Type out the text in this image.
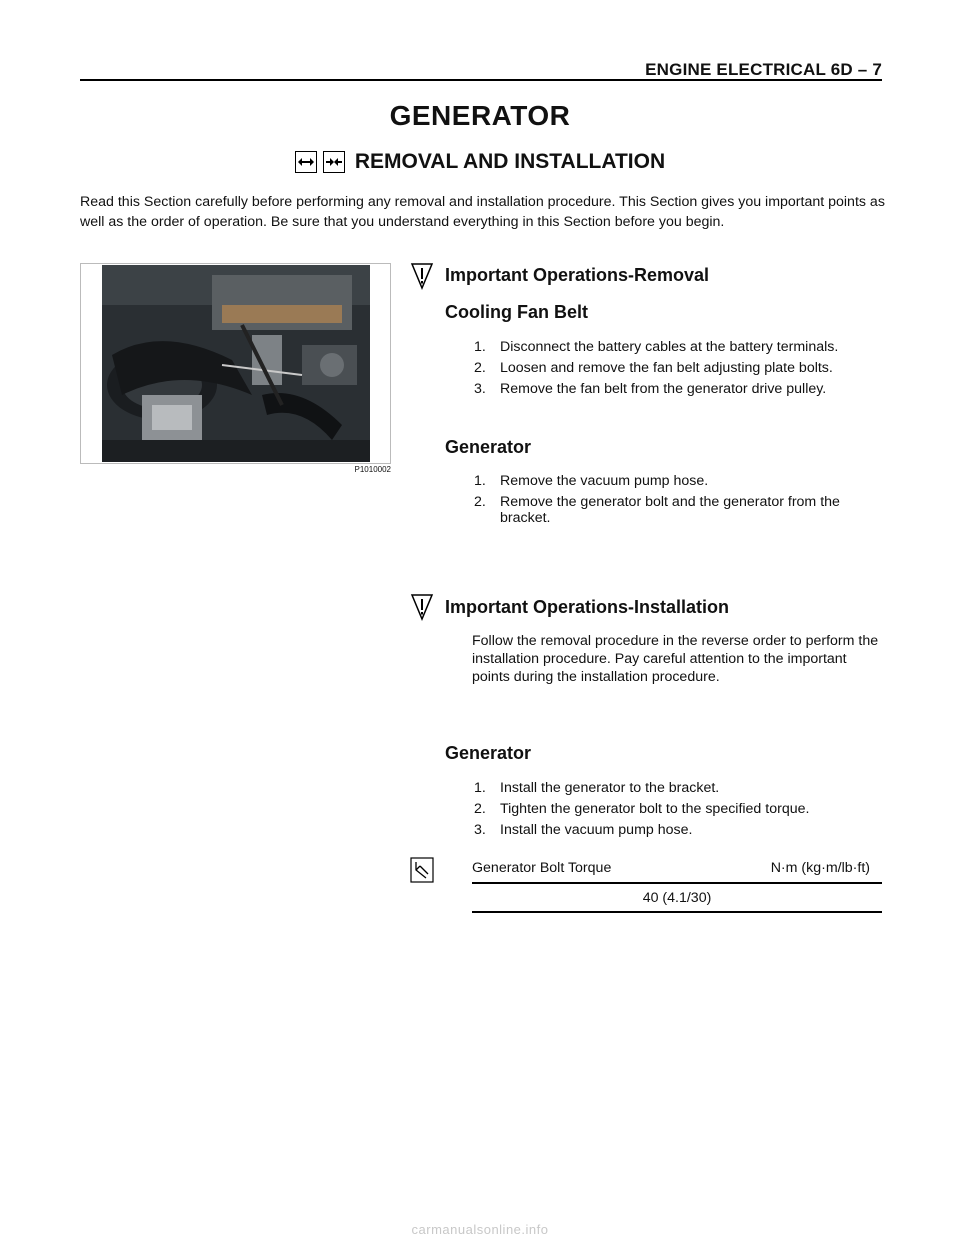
ENGINE ELECTRICAL 6D – 7
GENERATOR
REMOVAL AND INSTALLATION
Read this Section carefully before performing any removal and installation procedure. This Section gives you important points as well as the order of operation. Be sure that you understand everything in this Section before you begin.
P1010002
Important Operations-Removal
Cooling Fan Belt
1. Disconnect the battery cables at the battery terminals.
2. Loosen and remove the fan belt adjusting plate bolts.
3. Remove the fan belt from the generator drive pulley.
Generator
1. Remove the vacuum pump hose.
2. Remove the generator bolt and the generator from the bracket.
Important Operations-Installation
Follow the removal procedure in the reverse order to perform the installation procedure. Pay careful attention to the important points during the installation procedure.
Generator
1. Install the generator to the bracket.
2. Tighten the generator bolt to the specified torque.
3. Install the vacuum pump hose.
Generator Bolt Torque	N·m (kg·m/lb·ft)
40 (4.1/30)
carmanualsonline.info
